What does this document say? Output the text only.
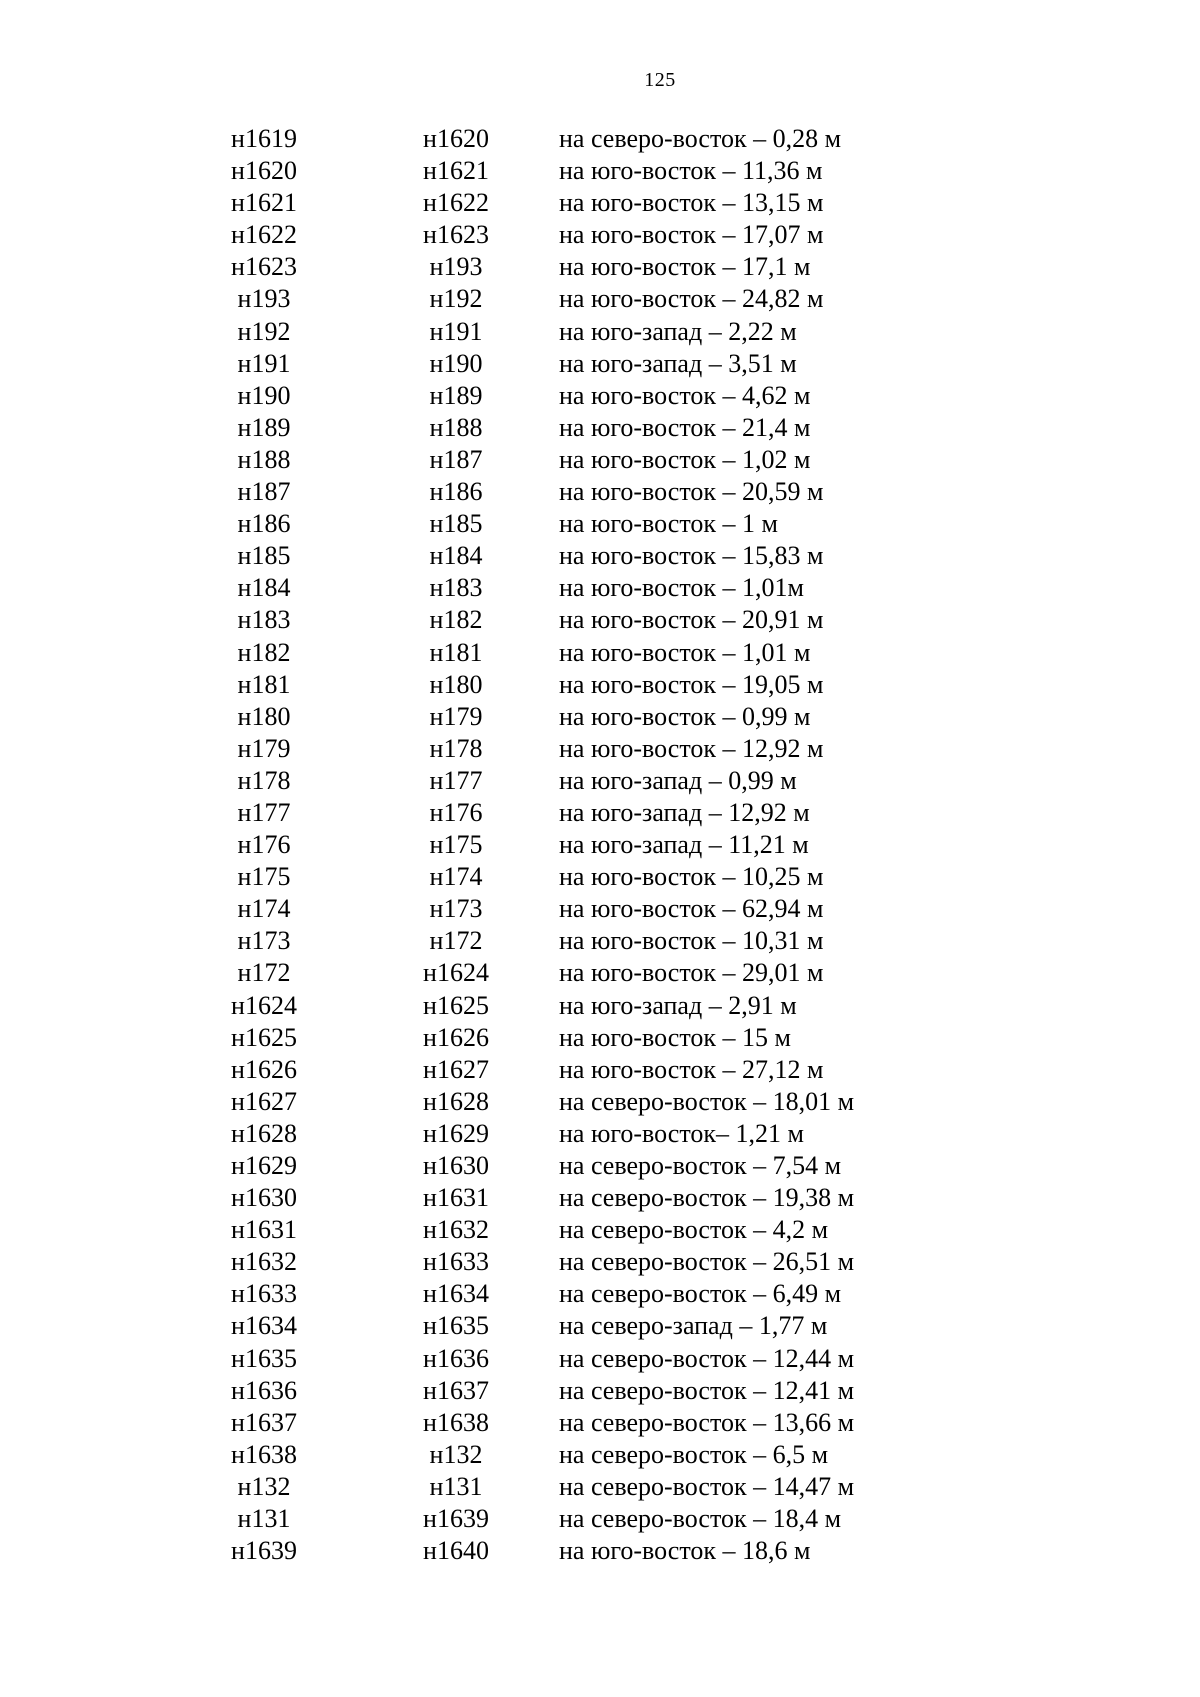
125
н1619	н1620	на северо-восток – 0,28 м
н1620	н1621	на юго-восток – 11,36 м
н1621	н1622	на юго-восток – 13,15 м
н1622	н1623	на юго-восток – 17,07 м
н1623	н193	на юго-восток – 17,1 м
н193	н192	на юго-восток – 24,82 м
н192	н191	на юго-запад – 2,22 м
н191	н190	на юго-запад – 3,51 м
н190	н189	на юго-восток – 4,62 м
н189	н188	на юго-восток – 21,4 м
н188	н187	на юго-восток – 1,02 м
н187	н186	на юго-восток – 20,59 м
н186	н185	на юго-восток – 1 м
н185	н184	на юго-восток – 15,83 м
н184	н183	на юго-восток – 1,01м
н183	н182	на юго-восток – 20,91 м
н182	н181	на юго-восток – 1,01 м
н181	н180	на юго-восток – 19,05 м
н180	н179	на юго-восток – 0,99 м
н179	н178	на юго-восток – 12,92 м
н178	н177	на юго-запад – 0,99 м
н177	н176	на юго-запад – 12,92 м
н176	н175	на юго-запад – 11,21 м
н175	н174	на юго-восток – 10,25 м
н174	н173	на юго-восток – 62,94 м
н173	н172	на юго-восток – 10,31 м
н172	н1624	на юго-восток – 29,01 м
н1624	н1625	на юго-запад – 2,91 м
н1625	н1626	на юго-восток – 15 м
н1626	н1627	на юго-восток – 27,12 м
н1627	н1628	на северо-восток – 18,01 м
н1628	н1629	на юго-восток– 1,21 м
н1629	н1630	на северо-восток – 7,54 м
н1630	н1631	на северо-восток – 19,38 м
н1631	н1632	на северо-восток – 4,2 м
н1632	н1633	на северо-восток – 26,51 м
н1633	н1634	на северо-восток – 6,49 м
н1634	н1635	на северо-запад – 1,77 м
н1635	н1636	на северо-восток – 12,44 м
н1636	н1637	на северо-восток – 12,41 м
н1637	н1638	на северо-восток – 13,66 м
н1638	н132	на северо-восток – 6,5 м
н132	н131	на северо-восток – 14,47 м
н131	н1639	на северо-восток – 18,4 м
н1639	н1640	на юго-восток – 18,6 м
